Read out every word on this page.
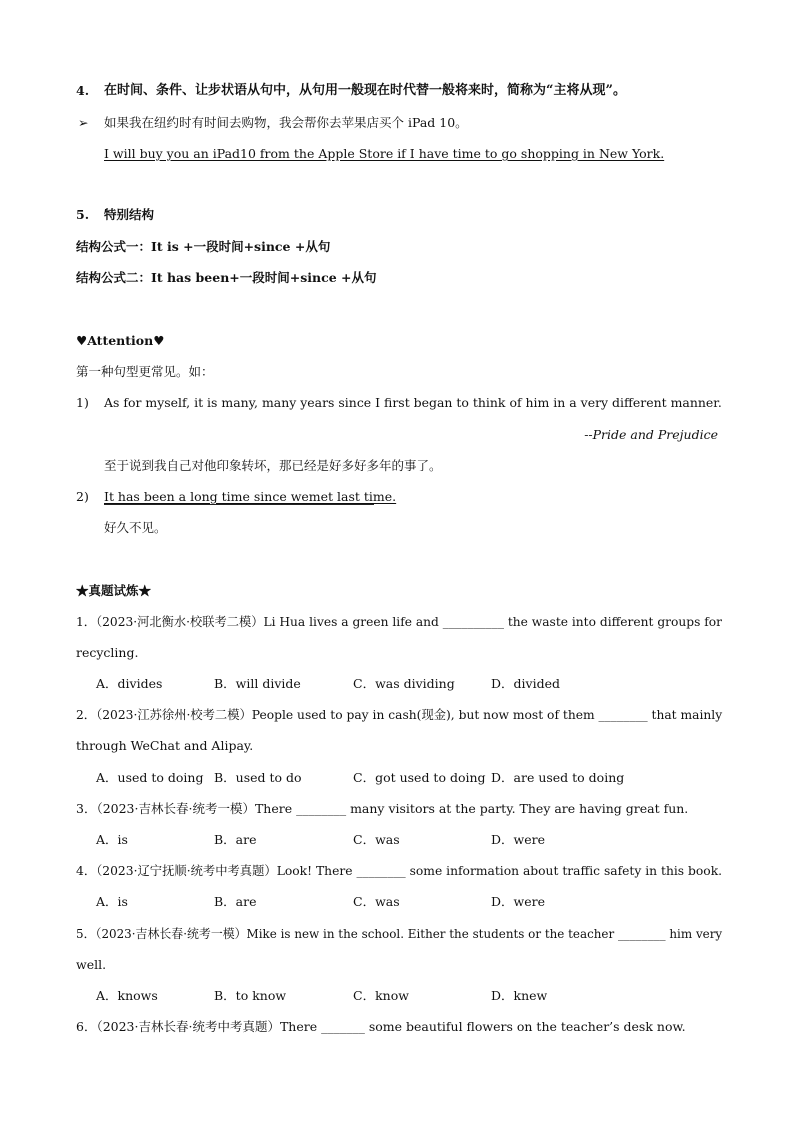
4. 在时间、条件、让步状语从句中，从句用一般现在时代替一般将来时，简称为“主将从现”。
➢ 如果我在纽约时有时间去购物，我会帮你去苹果店买个 iPad 10。
I will buy you an iPad10 from the Apple Store if I have time to go shopping in New York.
5. 特别结构
结构公式一：It is +一段时间+since +从句
结构公式二：It has been+一段时间+since +从句
♥Attention♥
第一种句型更常见。如：
1) As for myself, it is many, many years since I first began to think of him in a very different manner.
--Pride and Prejudice
至于说到我自己对他印象转坏，那已经是好多好多年的事了。
2) It has been a long time since wemet last time.
好久不见。
★真题试炼★
1．（2023·河北衡水·校联考二模）Li Hua lives a green life and __________ the waste into different groups for
recycling.
A．divides	B．will divide	C．was dividing	D．divided
2．（2023·江苏徐州·校考二模）People used to pay in cash(现金), but now most of them ________ that mainly
through WeChat and Alipay.
A．used to doing B．used to do	C．got used to doing D．are used to doing
3．（2023·吉林长春·统考一模）There ________ many visitors at the party. They are having great fun.
A．is	B．are	C．was	D．were
4．（2023·辽宁抚顺·统考中考真题）Look! There ________ some information about traffic safety in this book.
A．is	B．are	C．was	D．were
5．（2023·吉林长春·统考一模）Mike is new in the school. Either the students or the teacher ________ him very
well.
A．knows	B．to know	C．know	D．knew
6．（2023·吉林长春·统考中考真题）There _______ some beautiful flowers on the teacher’s desk now.
